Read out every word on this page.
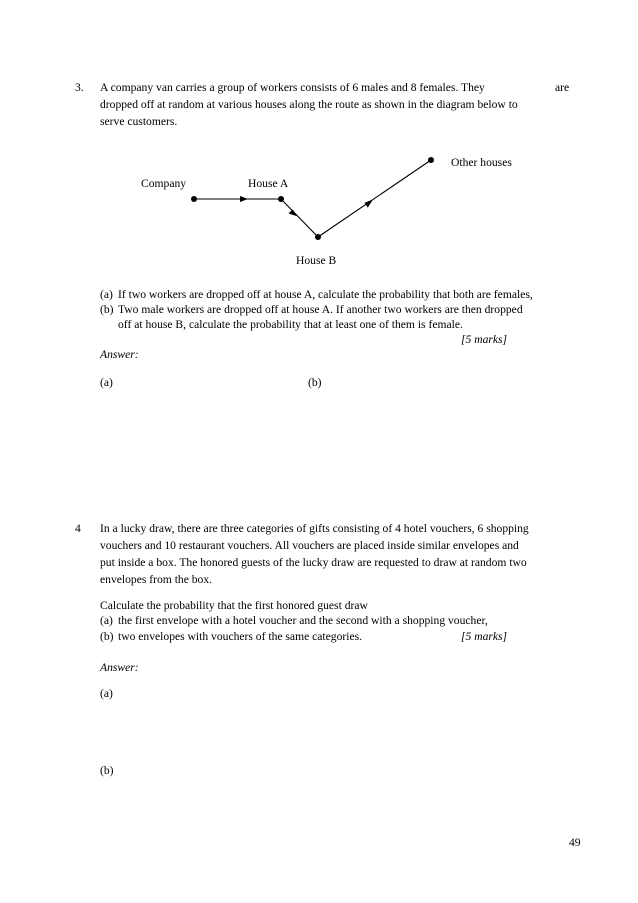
3. A company van carries a group of workers consists of 6 males and 8 females. They	are
dropped off at random at various houses along the route as shown in the diagram below to
serve customers.
Company	House A
House B
Other houses
(a) If two workers are dropped off at house A, calculate the probability that both are females,
(b) Two male workers are dropped off at house A. If another two workers are then dropped
off at house B, calculate the probability that at least one of them is female.
[5 marks]
Answer:
(a)	(b)
4 In a lucky draw, there are three categories of gifts consisting of 4 hotel vouchers, 6 shopping
vouchers and 10 restaurant vouchers. All vouchers are placed inside similar envelopes and
put inside a box. The honored guests of the lucky draw are requested to draw at random two
envelopes from the box.
Calculate the probability that the first honored guest draw
(a) the first envelope with a hotel voucher and the second with a shopping voucher,
(b) two envelopes with vouchers of the same categories.	[5 marks]
Answer:
(a)
(b)
49
